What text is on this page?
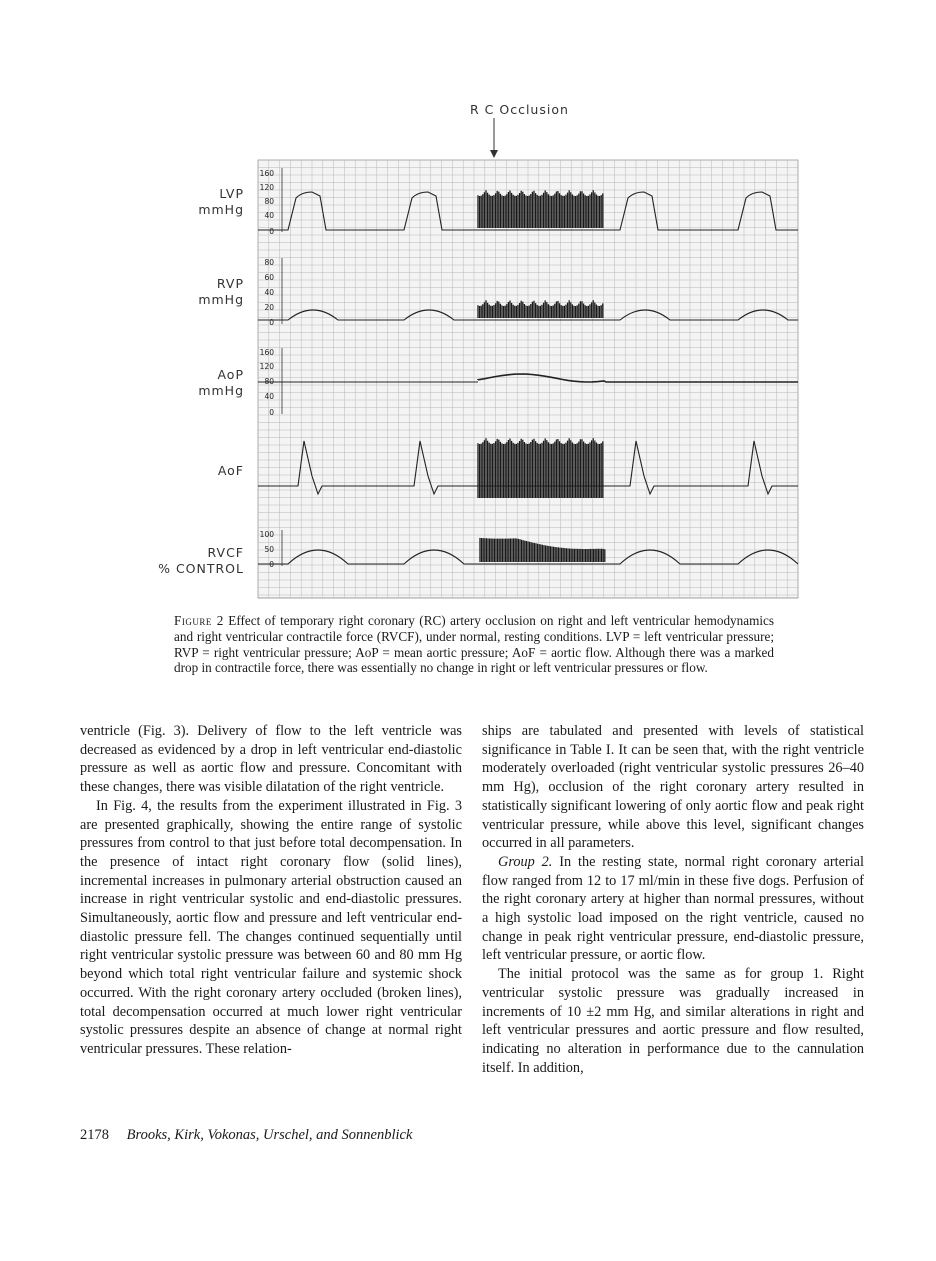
R C Occlusion
LVP
mmHg
RVP
mmHg
AoP
mmHg
AoF
RVCF
% CONTROL
160
120
80
40
0
80
60
40
20
0
160
120
80
40
0
100
50
0
Figure 2 Effect of temporary right coronary (RC) artery occlusion on right and left ventricular hemodynamics and right ventricular contractile force (RVCF), under normal, resting conditions. LVP = left ventricular pressure; RVP = right ventricular pressure; AoP = mean aortic pressure; AoF = aortic flow. Although there was a marked drop in contractile force, there was essentially no change in right or left ventricular pressures or flow.

ventricle (Fig. 3). Delivery of flow to the left ventricle was decreased as evidenced by a drop in left ventricular end-diastolic pressure as well as aortic flow and pressure. Concomitant with these changes, there was visible dilatation of the right ventricle.

In Fig. 4, the results from the experiment illustrated in Fig. 3 are presented graphically, showing the entire range of systolic pressures from control to that just before total decompensation. In the presence of intact right coronary flow (solid lines), incremental increases in pulmonary arterial obstruction caused an increase in right ventricular systolic and end-diastolic pressures. Simultaneously, aortic flow and pressure and left ventricular end-diastolic pressure fell. The changes continued sequentially until right ventricular systolic pressure was between 60 and 80 mm Hg beyond which total right ventricular failure and systemic shock occurred. With the right coronary artery occluded (broken lines), total decompensation occurred at much lower right ventricular systolic pressures despite an absence of change at normal right ventricular pressures. These relation-

ships are tabulated and presented with levels of statistical significance in Table I. It can be seen that, with the right ventricle moderately overloaded (right ventricular systolic pressures 26–40 mm Hg), occlusion of the right coronary artery resulted in statistically significant lowering of only aortic flow and peak right ventricular pressure, while above this level, significant changes occurred in all parameters.

Group 2. In the resting state, normal right coronary arterial flow ranged from 12 to 17 ml/min in these five dogs. Perfusion of the right coronary artery at higher than normal pressures, without a high systolic load imposed on the right ventricle, caused no change in peak right ventricular pressure, end-diastolic pressure, left ventricular pressure, or aortic flow.

The initial protocol was the same as for group 1. Right ventricular systolic pressure was gradually increased in increments of 10 ±2 mm Hg, and similar alterations in right and left ventricular pressures and aortic pressure and flow resulted, indicating no alteration in performance due to the cannulation itself. In addition,

2178 Brooks, Kirk, Vokonas, Urschel, and Sonnenblick
